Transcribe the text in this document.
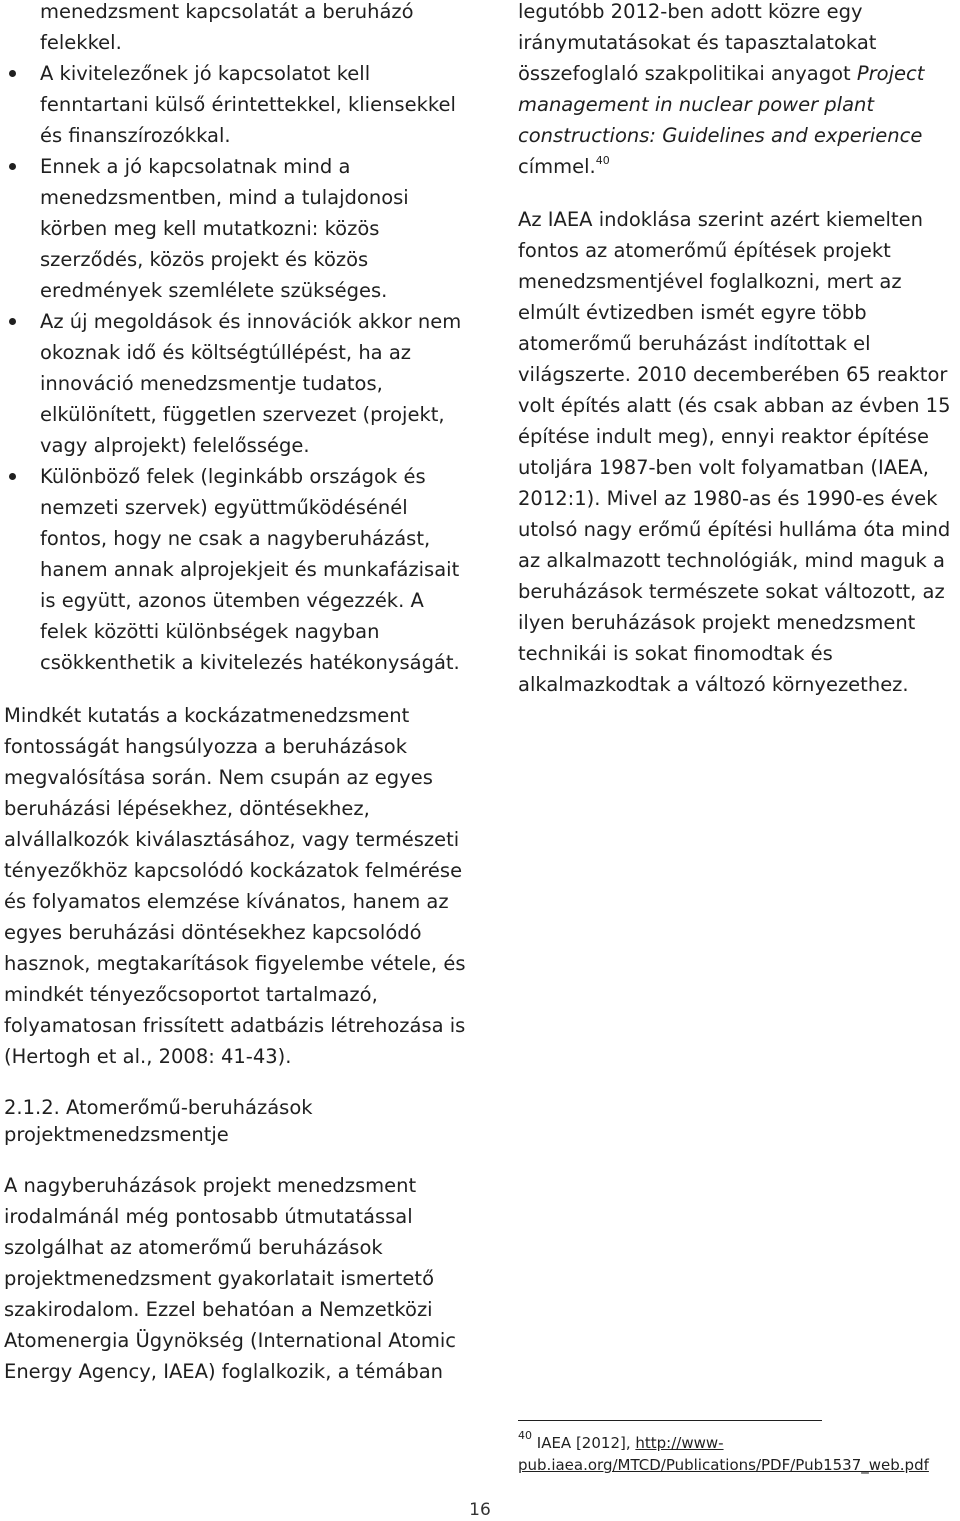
menedzsment kapcsolatát a beruházó felekkel.
A kivitelezőnek jó kapcsolatot kell fenntartani külső érintettekkel, kliensekkel és finanszírozókkal.
Ennek a jó kapcsolatnak mind a menedzsmentben, mind a tulajdonosi körben meg kell mutatkozni: közös szerződés, közös projekt és közös eredmények szemlélete szükséges.
Az új megoldások és innovációk akkor nem okoznak idő és költségtúllépést, ha az innováció menedzsmentje tudatos, elkülönített, független szervezet (projekt, vagy alprojekt) felelőssége.
Különböző felek (leginkább országok és nemzeti szervek) együttműködésénél fontos, hogy ne csak a nagyberuházást, hanem annak alprojekjeit és munkafázisait is együtt, azonos ütemben végezzék. A felek közötti különbségek nagyban csökkenthetik a kivitelezés hatékonyságát.

Mindkét kutatás a kockázatmenedzsment fontosságát hangsúlyozza a beruházások megvalósítása során. Nem csupán az egyes beruházási lépésekhez, döntésekhez, alvállalkozók kiválasztásához, vagy természeti tényezőkhöz kapcsolódó kockázatok felmérése és folyamatos elemzése kívánatos, hanem az egyes beruházási döntésekhez kapcsolódó hasznok, megtakarítások figyelembe vétele, és mindkét tényezőcsoportot tartalmazó, folyamatosan frissített adatbázis létrehozása is (Hertogh et al., 2008: 41-43).

2.1.2. Atomerőmű-beruházások projektmenedzsmentje

A nagyberuházások projekt menedzsment irodalmánál még pontosabb útmutatással szolgálhat az atomerőmű beruházások projektmenedzsment gyakorlatait ismertető szakirodalom. Ezzel behatóan a Nemzetközi Atomenergia Ügynökség (International Atomic Energy Agency, IAEA) foglalkozik, a témában

legutóbb 2012-ben adott közre egy iránymutatásokat és tapasztalatokat összefoglaló szakpolitikai anyagot Project management in nuclear power plant constructions: Guidelines and experience címmel.$^{40}$

Az IAEA indoklása szerint azért kiemelten fontos az atomerőmű építések projekt menedzsmentjével foglalkozni, mert az elmúlt évtizedben ismét egyre több atomerőmű beruházást indítottak el világszerte. 2010 decemberében 65 reaktor volt építés alatt (és csak abban az évben 15 építése indult meg), ennyi reaktor építése utoljára 1987-ben volt folyamatban (IAEA, 2012:1). Mivel az 1980-as és 1990-es évek utolsó nagy erőmű építési hulláma óta mind az alkalmazott technológiák, mind maguk a beruházások természete sokat változott, az ilyen beruházások projekt menedzsment technikái is sokat finomodtak és alkalmazkodtak a változó környezethez.

$^{40}$ IAEA [2012], http://www-pub.iaea.org/MTCD/Publications/PDF/Pub1537_web.pdf
16
